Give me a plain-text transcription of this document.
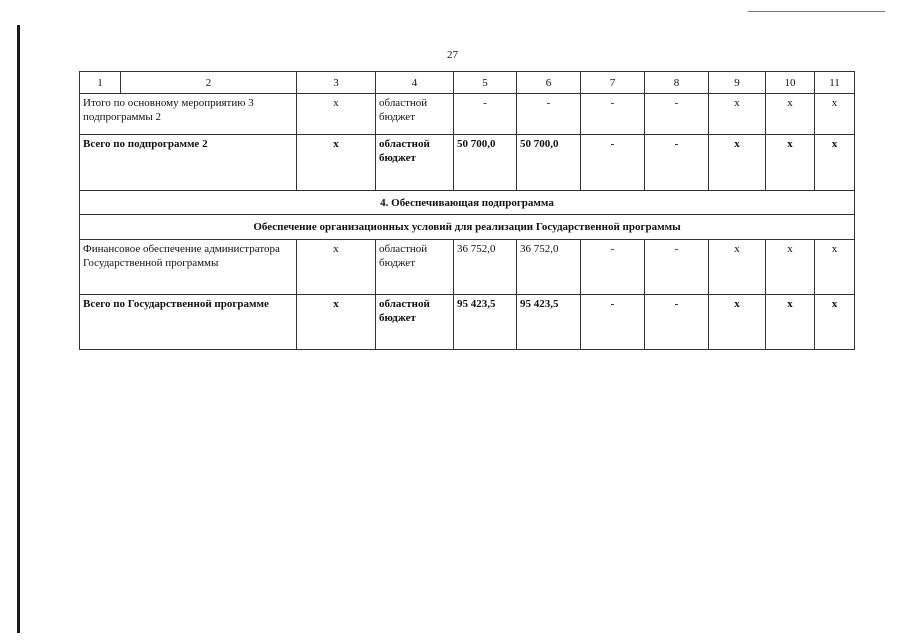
27
1	2	3	4	5	6	7	8	9	10	11
Итого по основному мероприятию 3 подпрограммы 2		х	областной бюджет	-	-	-	-	х	х	х
Всего по подпрограмме 2		х	областной бюджет	50 700,0	50 700,0	-	-	х	х	х
4. Обеспечивающая подпрограмма										
Обеспечение организационных условий для реализации Государственной программы										
Финансовое обеспечение администратора Государственной программы		х	областной бюджет	36 752,0	36 752,0	-	-	х	х	х
Всего по Государственной программе		х	областной бюджет	95 423,5	95 423,5	-	-	х	х	х
